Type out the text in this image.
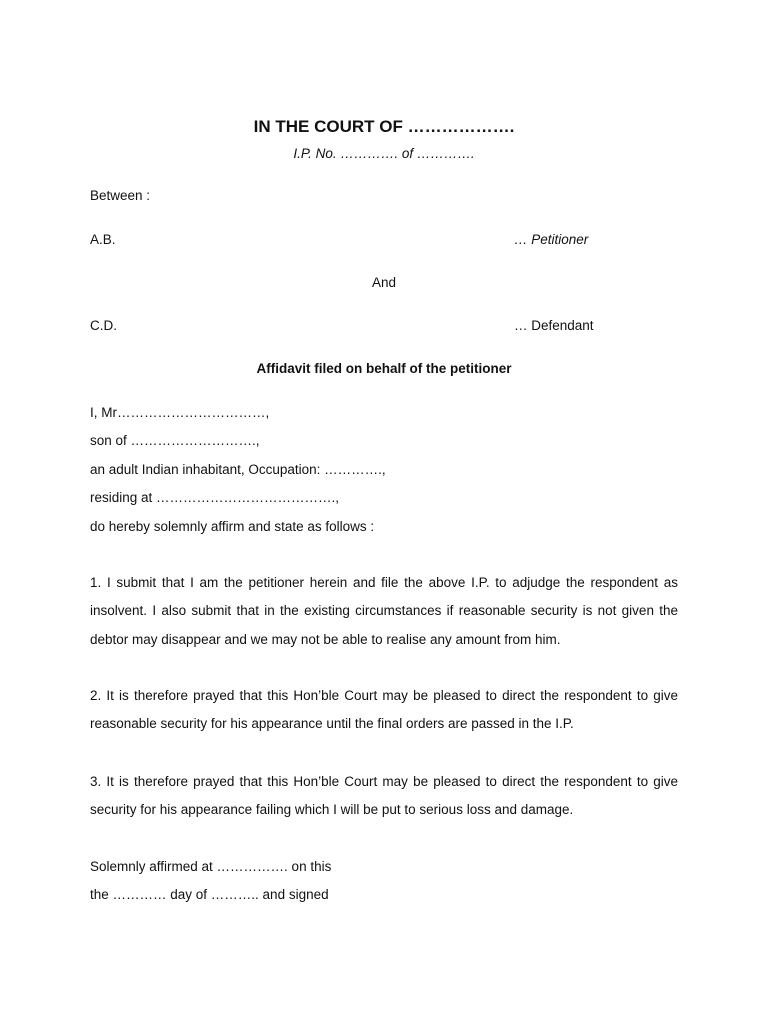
IN THE COURT OF ……………….
I.P. No. …………. of ………….
Between :
A.B.	… Petitioner
And
C.D.	… Defendant
Affidavit filed on behalf of the petitioner
I, Mr……………………………,
son of ……………………….,
an adult Indian inhabitant, Occupation: ………….,
residing at ………………………………….,
do hereby solemnly affirm and state as follows :
1. I submit that I am the petitioner herein and file the above I.P. to adjudge the respondent as insolvent. I also submit that in the existing circumstances if reasonable security is not given the debtor may disappear and we may not be able to realise any amount from him.
2. It is therefore prayed that this Hon’ble Court may be pleased to direct the respondent to give reasonable security for his appearance until the final orders are passed in the I.P.
3. It is therefore prayed that this Hon’ble Court may be pleased to direct the respondent to give security for his appearance failing which I will be put to serious loss and damage.
Solemnly affirmed at ……………. on this
the ………… day of ……….. and signed
